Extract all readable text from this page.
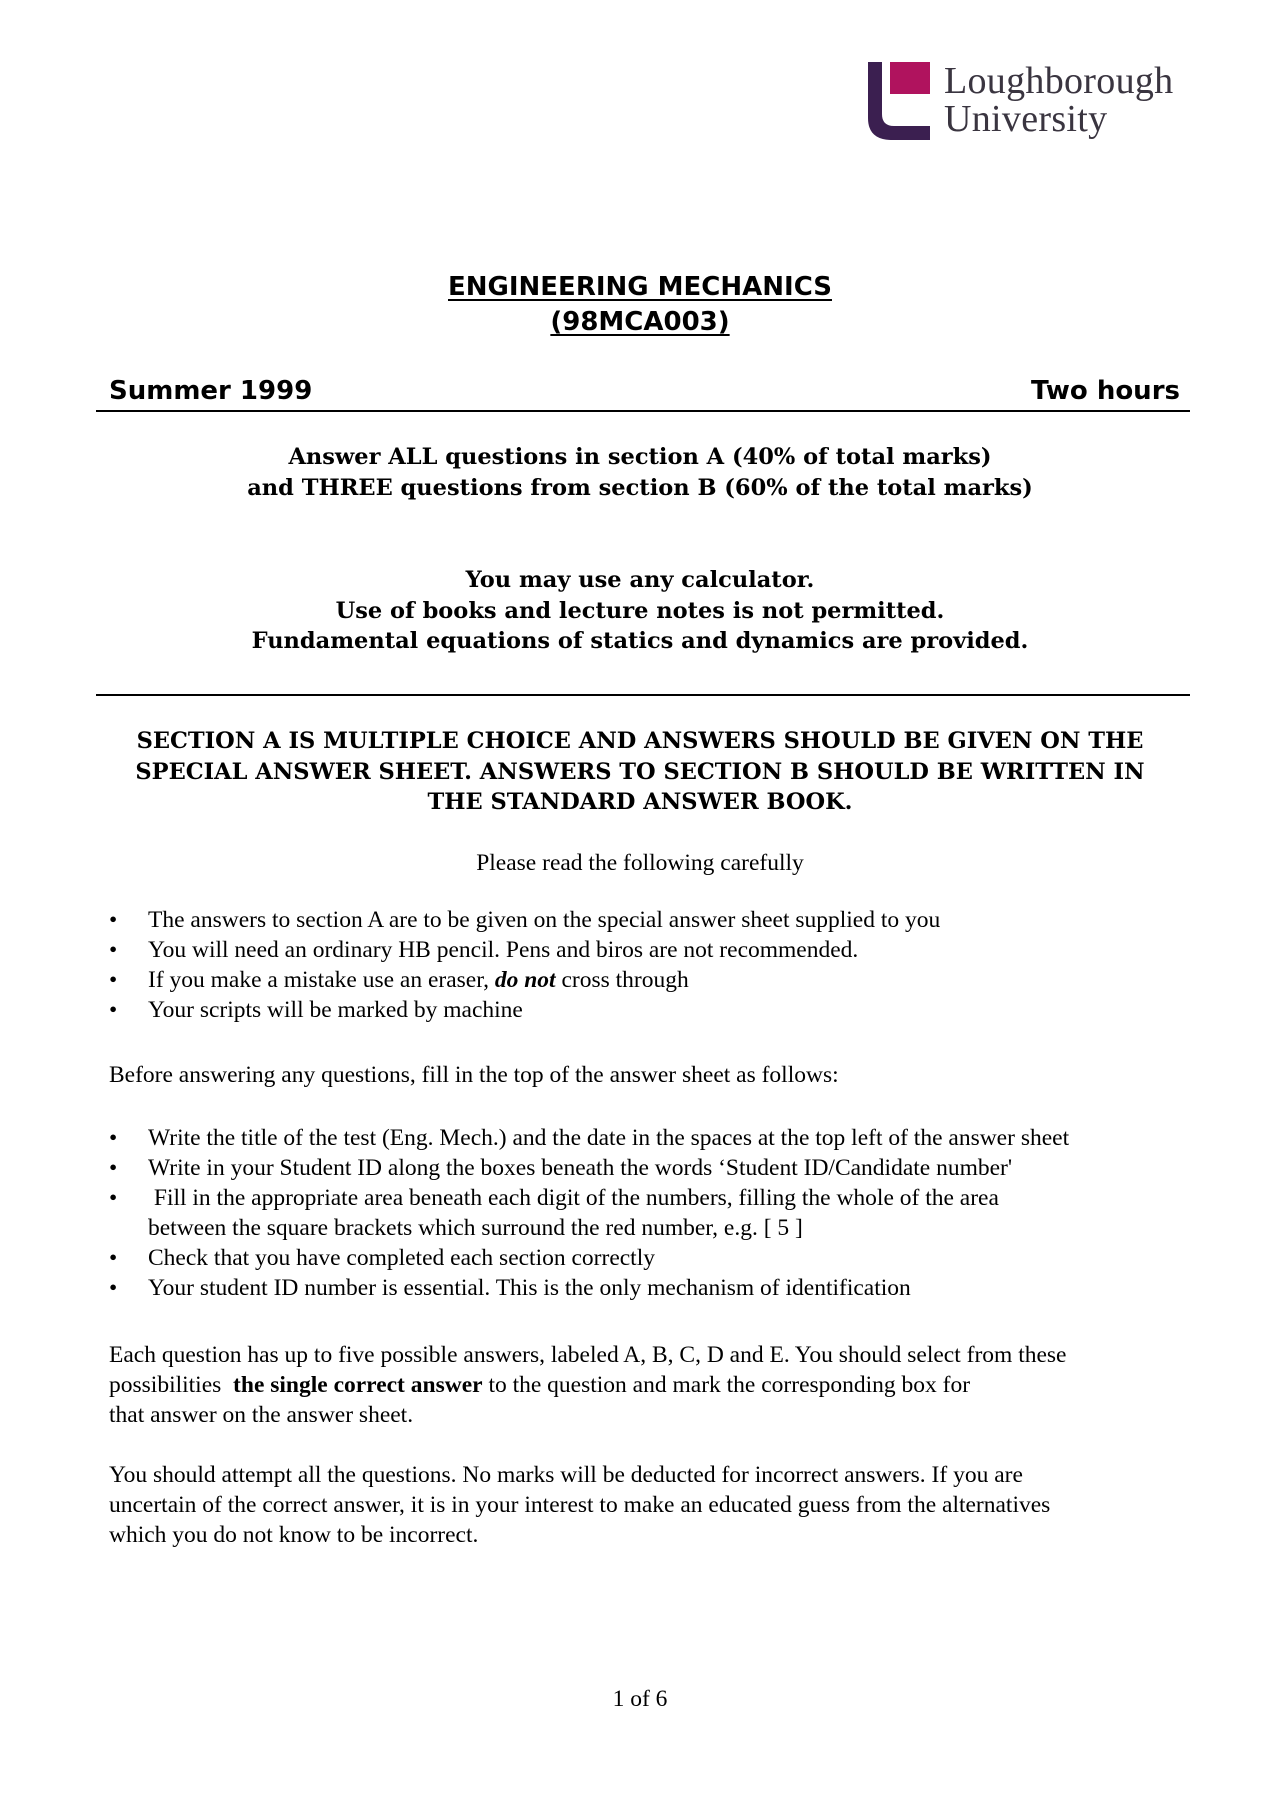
Loughborough
University
ENGINEERING MECHANICS
(98MCA003)
Summer 1999	Two hours
Answer ALL questions in section A (40% of total marks)
and THREE questions from section B (60% of the total marks)
You may use any calculator.
Use of books and lecture notes is not permitted.
Fundamental equations of statics and dynamics are provided.
SECTION A IS MULTIPLE CHOICE AND ANSWERS SHOULD BE GIVEN ON THE
SPECIAL ANSWER SHEET. ANSWERS TO SECTION B SHOULD BE WRITTEN IN
THE STANDARD ANSWER BOOK.
Please read the following carefully
• The answers to section A are to be given on the special answer sheet supplied to you
• You will need an ordinary HB pencil. Pens and biros are not recommended.
• If you make a mistake use an eraser, do not cross through
• Your scripts will be marked by machine

Before answering any questions, fill in the top of the answer sheet as follows:

• Write the title of the test (Eng. Mech.) and the date in the spaces at the top left of the answer sheet
• Write in your Student ID along the boxes beneath the words ‘Student ID/Candidate number'
• Fill in the appropriate area beneath each digit of the numbers, filling the whole of the area
between the square brackets which surround the red number, e.g. [ 5 ]
• Check that you have completed each section correctly
• Your student ID number is essential. This is the only mechanism of identification

Each question has up to five possible answers, labeled A, B, C, D and E. You should select from these
possibilities  the single correct answer to the question and mark the corresponding box for
that answer on the answer sheet.

You should attempt all the questions. No marks will be deducted for incorrect answers. If you are
uncertain of the correct answer, it is in your interest to make an educated guess from the alternatives
which you do not know to be incorrect.

1 of 6
